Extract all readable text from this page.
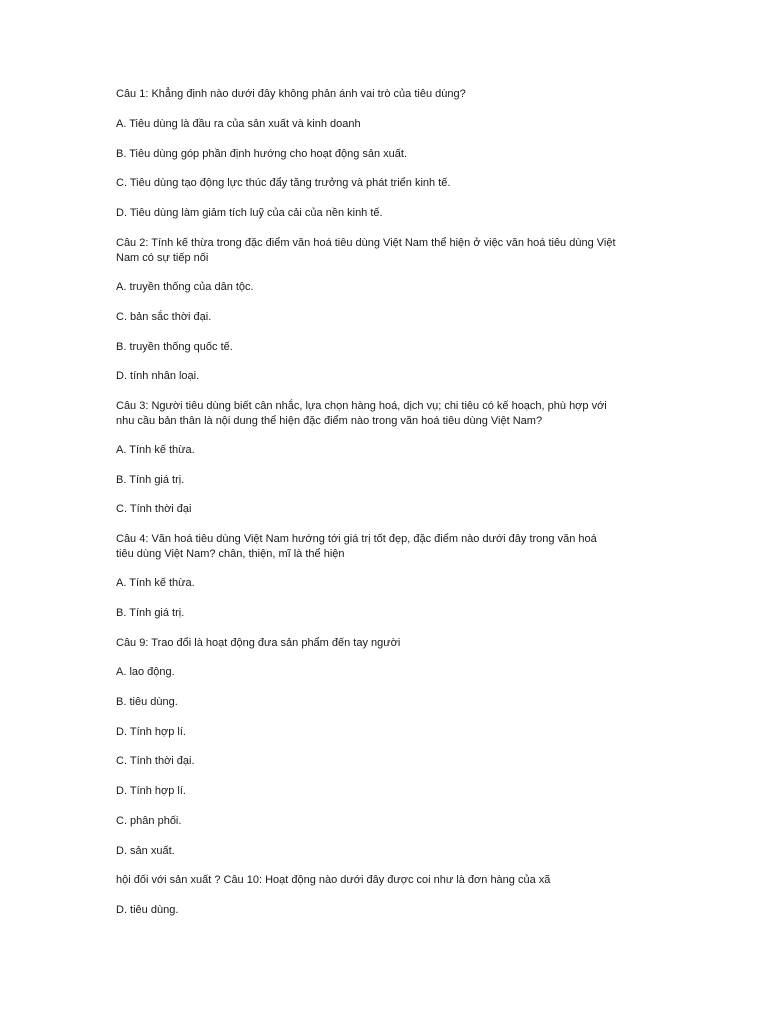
Câu 1: Khẳng định nào dưới đây không phản ánh vai trò của tiêu dùng?

A. Tiêu dùng là đầu ra của sản xuất và kinh doanh

B. Tiêu dùng góp phần định hướng cho hoạt động sản xuất.

C. Tiêu dùng tạo động lực thúc đẩy tăng trưởng và phát triển kinh tế.

D. Tiêu dùng làm giảm tích luỹ của cải của nền kinh tế.

Câu 2: Tính kế thừa trong đặc điểm văn hoá tiêu dùng Việt Nam thể hiện ở việc văn hoá tiêu dùng Việt
Nam có sự tiếp nối

A. truyền thống của dân tộc.

C. bản sắc thời đại.

B. truyền thống quốc tế.

D. tính nhân loại.

Câu 3: Người tiêu dùng biết cân nhắc, lựa chọn hàng hoá, dịch vụ; chi tiêu có kế hoạch, phù hợp với
nhu cầu bản thân là nội dung thể hiện đặc điểm nào trong văn hoá tiêu dùng Việt Nam?

A. Tính kế thừa.

B. Tính giá trị.

C. Tính thời đại

Câu 4: Văn hoá tiêu dùng Việt Nam hướng tới giá trị tốt đẹp, đặc điểm nào dưới đây trong văn hoá
tiêu dùng Việt Nam? chân, thiện, mĩ là thể hiện

A. Tính kế thừa.

B. Tính giá trị.

Câu 9: Trao đổi là hoạt động đưa sản phẩm đến tay người

A. lao động.

B. tiêu dùng.

D. Tính hợp lí.

C. Tính thời đại.

D. Tính hợp lí.

C. phân phối.

D. sản xuất.

hội đối với sản xuất ? Câu 10: Hoạt động nào dưới đây được coi như là đơn hàng của xã

D. tiêu dùng.
